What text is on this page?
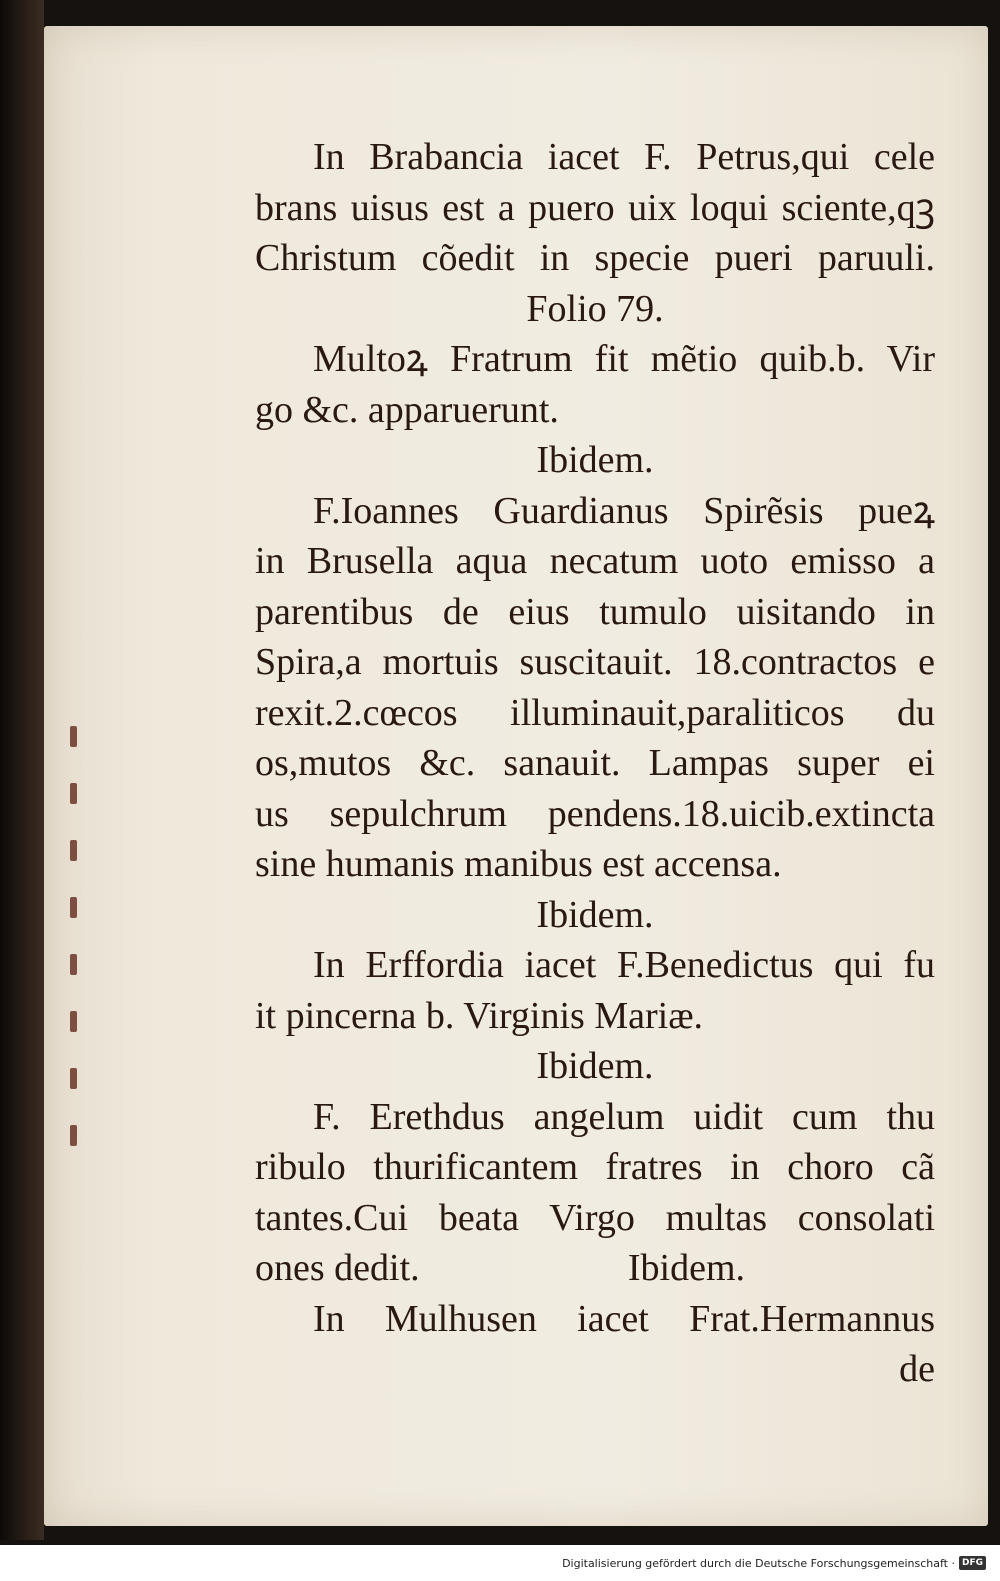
In Brabancia iacet F. Petrus,qui cele
brans uisus est a puero uix loqui sciente,qꝫ
Christum cõedit in specie pueri paruuli.
Folio 79.
Multoꝝ Fratrum fit mẽtio quib.b. Vir
go &c. apparuerunt.
Ibidem.
F.Ioannes Guardianus Spirẽsis pueꝝ
in Brusella aqua necatum uoto emisso a
parentibus de eius tumulo uisitando in
Spira,a mortuis suscitauit. 18.contractos e
rexit.2.cœcos illuminauit,paraliticos du
os,mutos &c. sanauit. Lampas super ei
us sepulchrum pendens.18.uicib.extincta
sine humanis manibus est accensa.
Ibidem.
In Erffordia iacet F.Benedictus qui fu
it pincerna b. Virginis Mariæ.
Ibidem.
F. Erethdus angelum uidit cum thu
ribulo thurificantem fratres in choro cã
tantes.Cui beata Virgo multas consolati
ones dedit.	Ibidem.
In Mulhusen iacet Frat.Hermannus
de
Digitalisierung gefördert durch die Deutsche Forschungsgemeinschaft · DFG
